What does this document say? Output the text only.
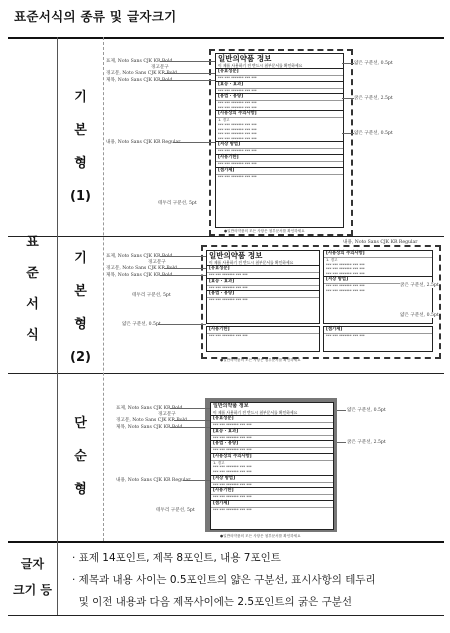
표준서식의 종류 및 글자크기
표
준
서
식
기
본
형
(1)
기
본
형
(2)
단
순
형
글자
크기 등
· 표제 14포인트, 제목 8포인트, 내용 7포인트
· 제목과 내용 사이는 0.5포인트의 얇은 구분선, 표시사항의 테두리
및 이전 내용과 다음 제목사이에는 2.5포인트의 굵은 구분선
일반의약품 정보
이 제품 사용하기 전 반드시 첨부문서를 확인하세요
[유효성분]
*** *** ******* *** ***
[효능 · 효과]
*** *** ******* *** ***
[용법 · 용량]
*** *** ******* *** ***
*** *** ******* *** ***
[사용상의 주의사항]
1. 경고
*** *** ******* *** ***
*** *** ******* *** ***
*** *** ******* *** ***
*** *** ******* *** ***
[저장 방법]
*** *** ******* *** ***
[사용기한]
*** *** ******* *** ***
[첨가제]
*** *** ******* *** ***
●일반의약품의 모든 사항은 첨부문서를 확인하세요
표제, Noto Sans CJK KR Bold
경고문구
경고문, Noto Sans CJK KR Bold
제목, Noto Sans CJK KR Bold
내용, Noto Sans CJK KR Regular
테두리 구분선, 5pt
얇은 구분선, 0.5pt
굵은 구분선, 2.5pt
얇은 구분선, 0.5pt
내용, Noto Sans CJK KR Regular
일반의약품 정보
이 제품 사용하기 전 반드시 첨부문서를 확인하세요
[유효성분]
*** *** ******* *** ***
[효능 · 효과]
*** *** ******* *** ***
[용법 · 용량]
*** *** ******* *** ***
[사용상의 주의사항]
1. 경고
*** *** ******* *** ***
*** *** ******* *** ***
*** *** ******* *** ***
[저장 방법]
*** *** ******* *** ***
*** *** ******* *** ***
[사용기한]
*** *** ******* *** ***
[첨가제]
*** *** ******* *** ***
●일반의약품의 모든 사항은 첨부문서를 확인하세요
표제, Noto Sans CJK KR Bold
경고문구
경고문, Noto Sans CJK KR Bold
제목, Noto Sans CJK KR Bold
테두리 구분선, 5pt
얇은 구분선, 0.5pt
굵은 구분선, 2.5pt
얇은 구분선, 0.5pt
일반의약품 정보
이 제품 사용하기 전 반드시 첨부문서를 확인하세요
[유효성분]
*** *** ******* *** ***
[효능 · 효과]
*** *** ******* *** ***
[용법 · 용량]
*** *** ******* *** ***
[사용상의 주의사항]
1. 경고
*** *** ******* *** ***
*** *** ******* *** ***
[저장 방법]
*** *** ******* *** ***
[사용기한]
*** *** ******* *** ***
[첨가제]
*** *** ******* *** ***
●일반의약품의 모든 사항은 첨부문서를 확인하세요
표제, Noto Sans CJK KR Bold
경고문구
경고문, Noto Sans CJK KR Bold
제목, Noto Sans CJK KR Bold
내용, Noto Sans CJK KR Regular
테두리 구분선, 5pt
얇은 구분선, 0.5pt
굵은 구분선, 2.5pt
